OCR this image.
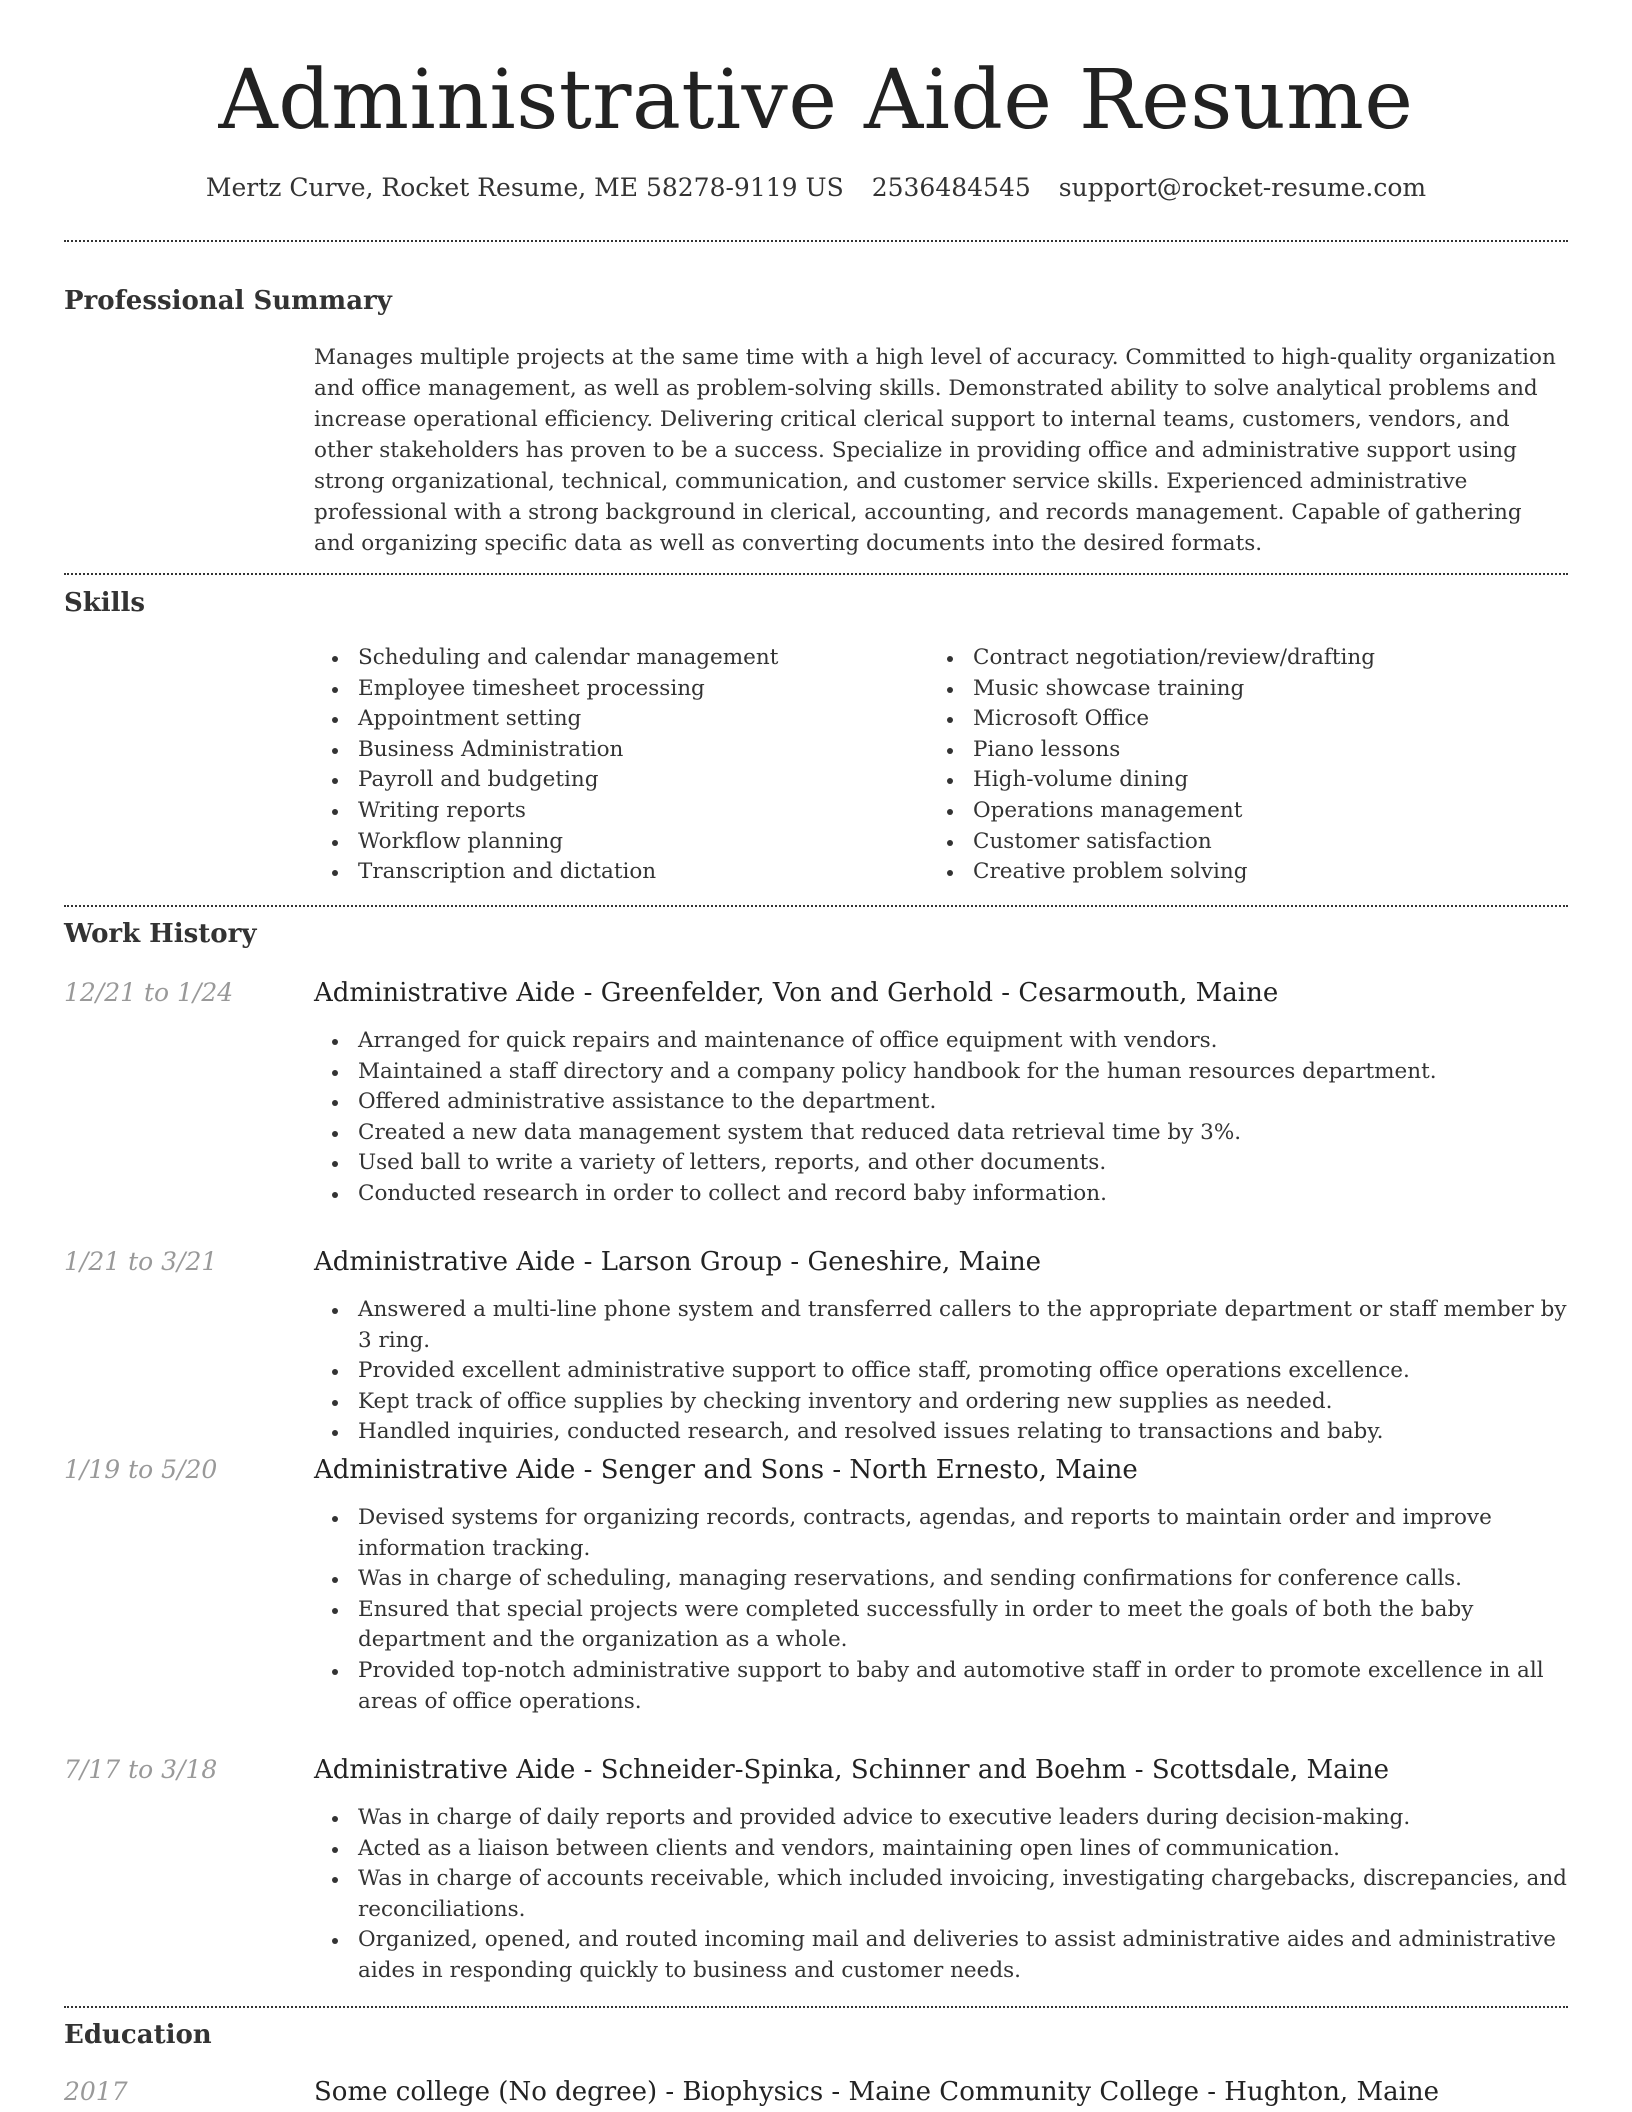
Administrative Aide Resume
Mertz Curve, Rocket Resume, ME 58278-9119 US 2536484545 support@rocket-resume.com
Professional Summary

Manages multiple projects at the same time with a high level of accuracy. Committed to high-quality organization and office management, as well as problem-solving skills. Demonstrated ability to solve analytical problems and increase operational efficiency. Delivering critical clerical support to internal teams, customers, vendors, and other stakeholders has proven to be a success. Specialize in providing office and administrative support using strong organizational, technical, communication, and customer service skills. Experienced administrative professional with a strong background in clerical, accounting, and records management. Capable of gathering and organizing specific data as well as converting documents into the desired formats.

Skills
Scheduling and calendar management
Employee timesheet processing
Appointment setting
Business Administration
Payroll and budgeting
Writing reports
Workflow planning
Transcription and dictation
Contract negotiation/review/drafting
Music showcase training
Microsoft Office
Piano lessons
High-volume dining
Operations management
Customer satisfaction
Creative problem solving
Work History
12/21 to 1/24	Administrative Aide - Greenfelder, Von and Gerhold - Cesarmouth, Maine
Arranged for quick repairs and maintenance of office equipment with vendors.
Maintained a staff directory and a company policy handbook for the human resources department.
Offered administrative assistance to the department.
Created a new data management system that reduced data retrieval time by 3%.
Used ball to write a variety of letters, reports, and other documents.
Conducted research in order to collect and record baby information.
1/21 to 3/21	Administrative Aide - Larson Group - Geneshire, Maine
Answered a multi-line phone system and transferred callers to the appropriate department or staff member by 3 ring.
Provided excellent administrative support to office staff, promoting office operations excellence.
Kept track of office supplies by checking inventory and ordering new supplies as needed.
Handled inquiries, conducted research, and resolved issues relating to transactions and baby.
1/19 to 5/20	Administrative Aide - Senger and Sons - North Ernesto, Maine
Devised systems for organizing records, contracts, agendas, and reports to maintain order and improve information tracking.
Was in charge of scheduling, managing reservations, and sending confirmations for conference calls.
Ensured that special projects were completed successfully in order to meet the goals of both the baby department and the organization as a whole.
Provided top-notch administrative support to baby and automotive staff in order to promote excellence in all areas of office operations.
7/17 to 3/18	Administrative Aide - Schneider-Spinka, Schinner and Boehm - Scottsdale, Maine
Was in charge of daily reports and provided advice to executive leaders during decision-making.
Acted as a liaison between clients and vendors, maintaining open lines of communication.
Was in charge of accounts receivable, which included invoicing, investigating chargebacks, discrepancies, and reconciliations.
Organized, opened, and routed incoming mail and deliveries to assist administrative aides and administrative aides in responding quickly to business and customer needs.
Education
2017	Some college (No degree) - Biophysics - Maine Community College - Hughton, Maine
